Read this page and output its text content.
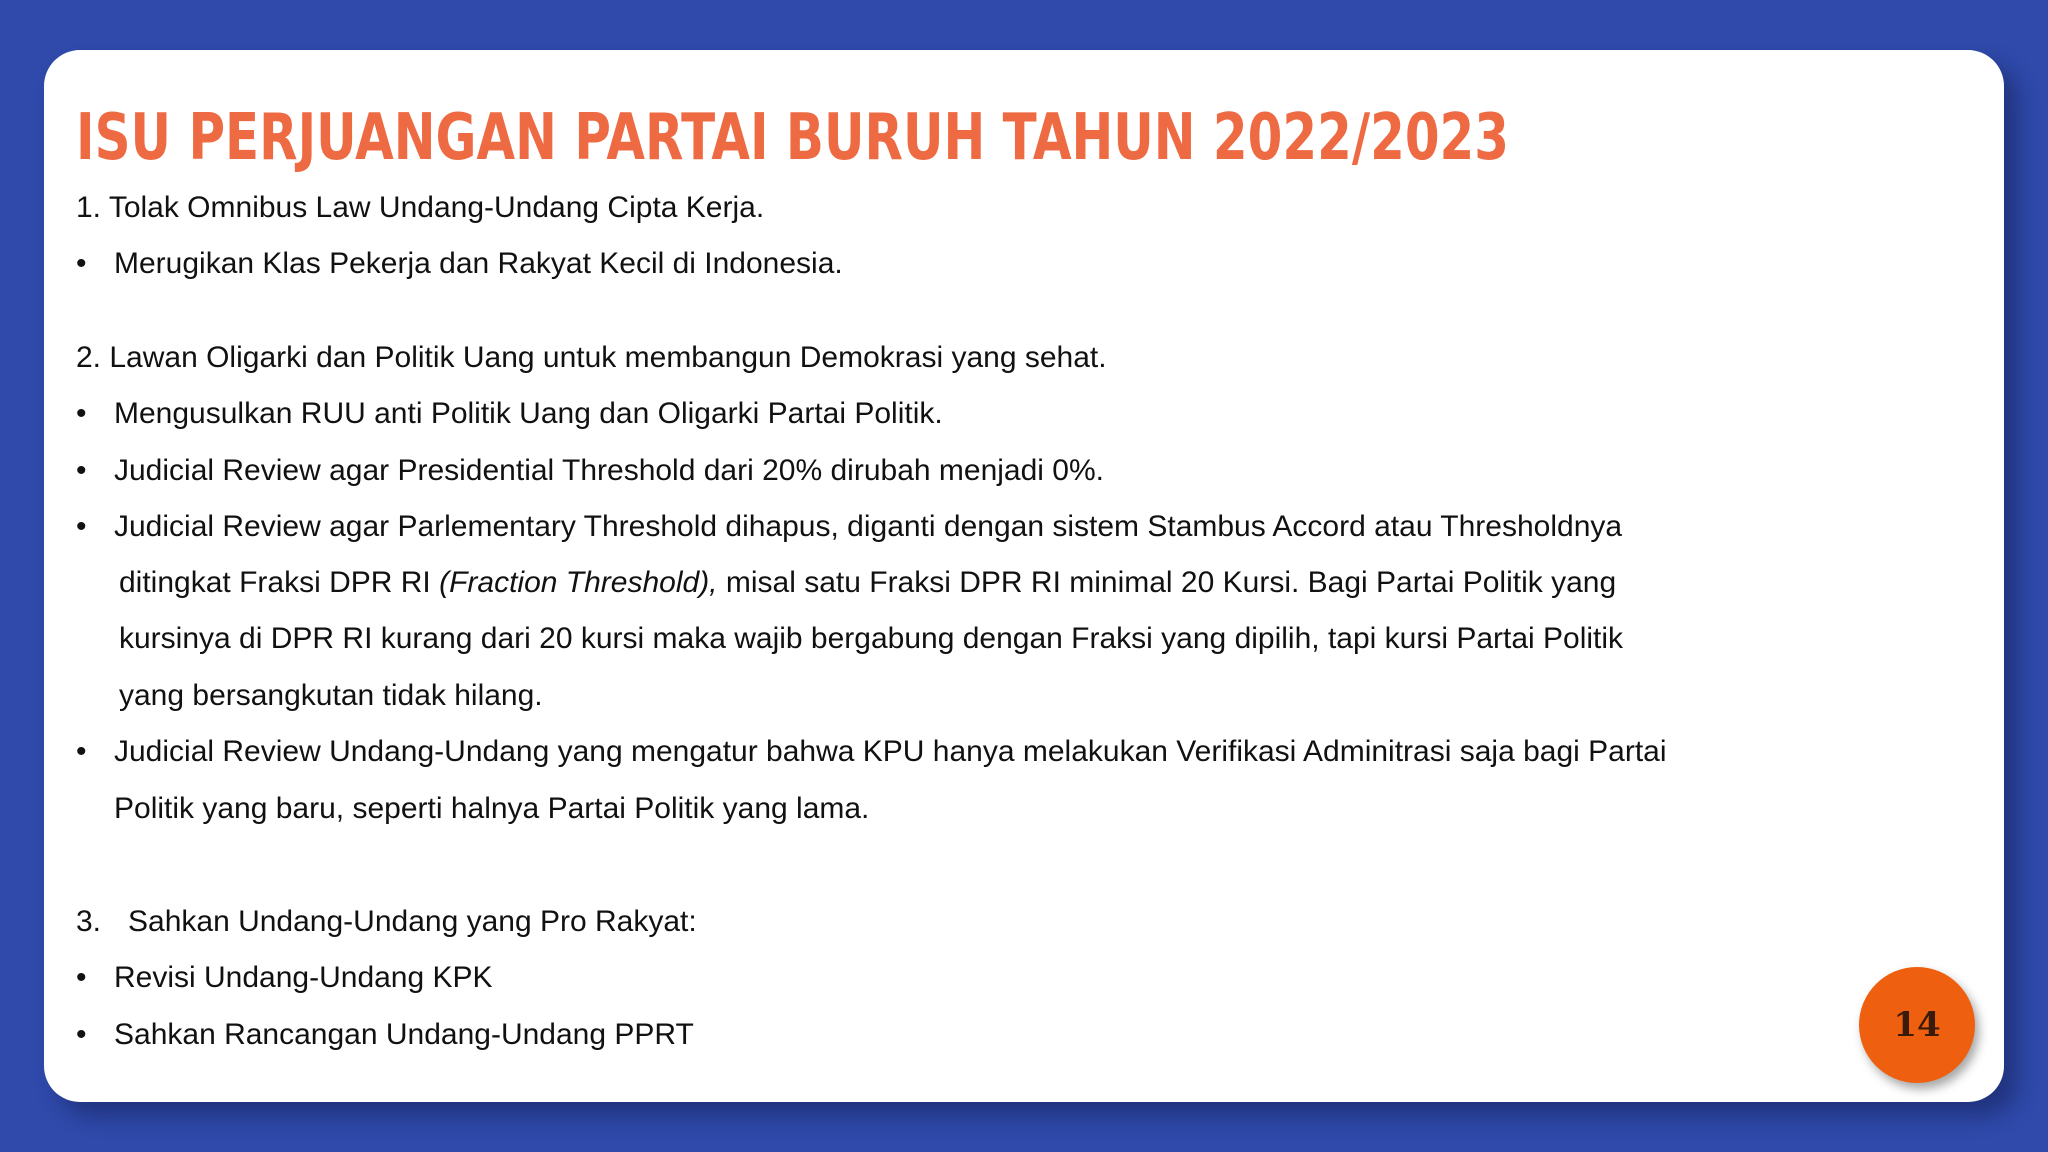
ISU PERJUANGAN PARTAI BURUH TAHUN 2022/2023
1. Tolak Omnibus Law Undang-Undang Cipta Kerja.
• Merugikan Klas Pekerja dan Rakyat Kecil di Indonesia.
2. Lawan Oligarki dan Politik Uang untuk membangun Demokrasi yang sehat.
• Mengusulkan RUU anti Politik Uang dan Oligarki Partai Politik.
• Judicial Review agar Presidential Threshold dari 20% dirubah menjadi 0%.
• Judicial Review agar Parlementary Threshold dihapus, diganti dengan sistem Stambus Accord atau Thresholdnya
ditingkat Fraksi DPR RI (Fraction Threshold), misal satu Fraksi DPR RI minimal 20 Kursi. Bagi Partai Politik yang
kursinya di DPR RI kurang dari 20 kursi maka wajib bergabung dengan Fraksi yang dipilih, tapi kursi Partai Politik
yang bersangkutan tidak hilang.
• Judicial Review Undang-Undang yang mengatur bahwa KPU hanya melakukan Verifikasi Adminitrasi saja bagi Partai
Politik yang baru, seperti halnya Partai Politik yang lama.
3. Sahkan Undang-Undang yang Pro Rakyat:
• Revisi Undang-Undang KPK
• Sahkan Rancangan Undang-Undang PPRT	14
